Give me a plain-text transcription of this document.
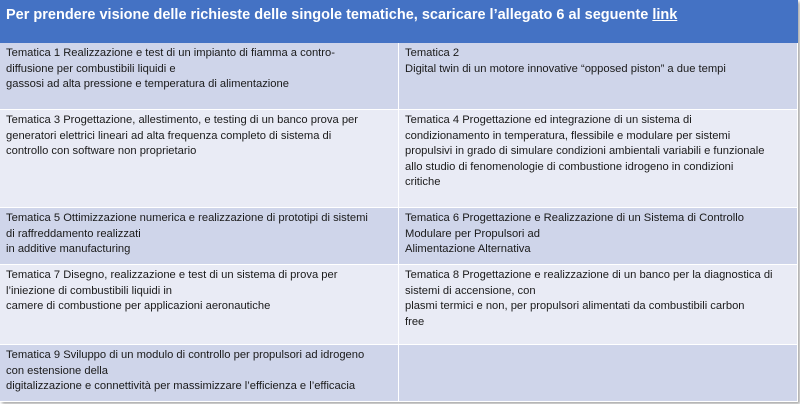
Per prendere visione delle richieste delle singole tematiche, scaricare l’allegato 6 al seguente link
Tematica 1 Realizzazione e test di un impianto di fiamma a contro-
diffusione per combustibili liquidi e
gassosi ad alta pressione e temperatura di alimentazione
Tematica 2
Digital twin di un motore innovative “opposed piston” a due tempi
Tematica 3 Progettazione, allestimento, e testing di un banco prova per
generatori elettrici lineari ad alta frequenza completo di sistema di
controllo con software non proprietario
Tematica 4 Progettazione ed integrazione di un sistema di
condizionamento in temperatura, flessibile e modulare per sistemi
propulsivi in grado di simulare condizioni ambientali variabili e funzionale
allo studio di fenomenologie di combustione idrogeno in condizioni
critiche
Tematica 5 Ottimizzazione numerica e realizzazione di prototipi di sistemi
di raffreddamento realizzati
in additive manufacturing
Tematica 6 Progettazione e Realizzazione di un Sistema di Controllo
Modulare per Propulsori ad
Alimentazione Alternativa
Tematica 7 Disegno, realizzazione e test di un sistema di prova per
l’iniezione di combustibili liquidi in
camere di combustione per applicazioni aeronautiche
Tematica 8 Progettazione e realizzazione di un banco per la diagnostica di
sistemi di accensione, con
plasmi termici e non, per propulsori alimentati da combustibili carbon
free
Tematica 9 Sviluppo di un modulo di controllo per propulsori ad idrogeno
con estensione della
digitalizzazione e connettività per massimizzare l’efficienza e l’efficacia
